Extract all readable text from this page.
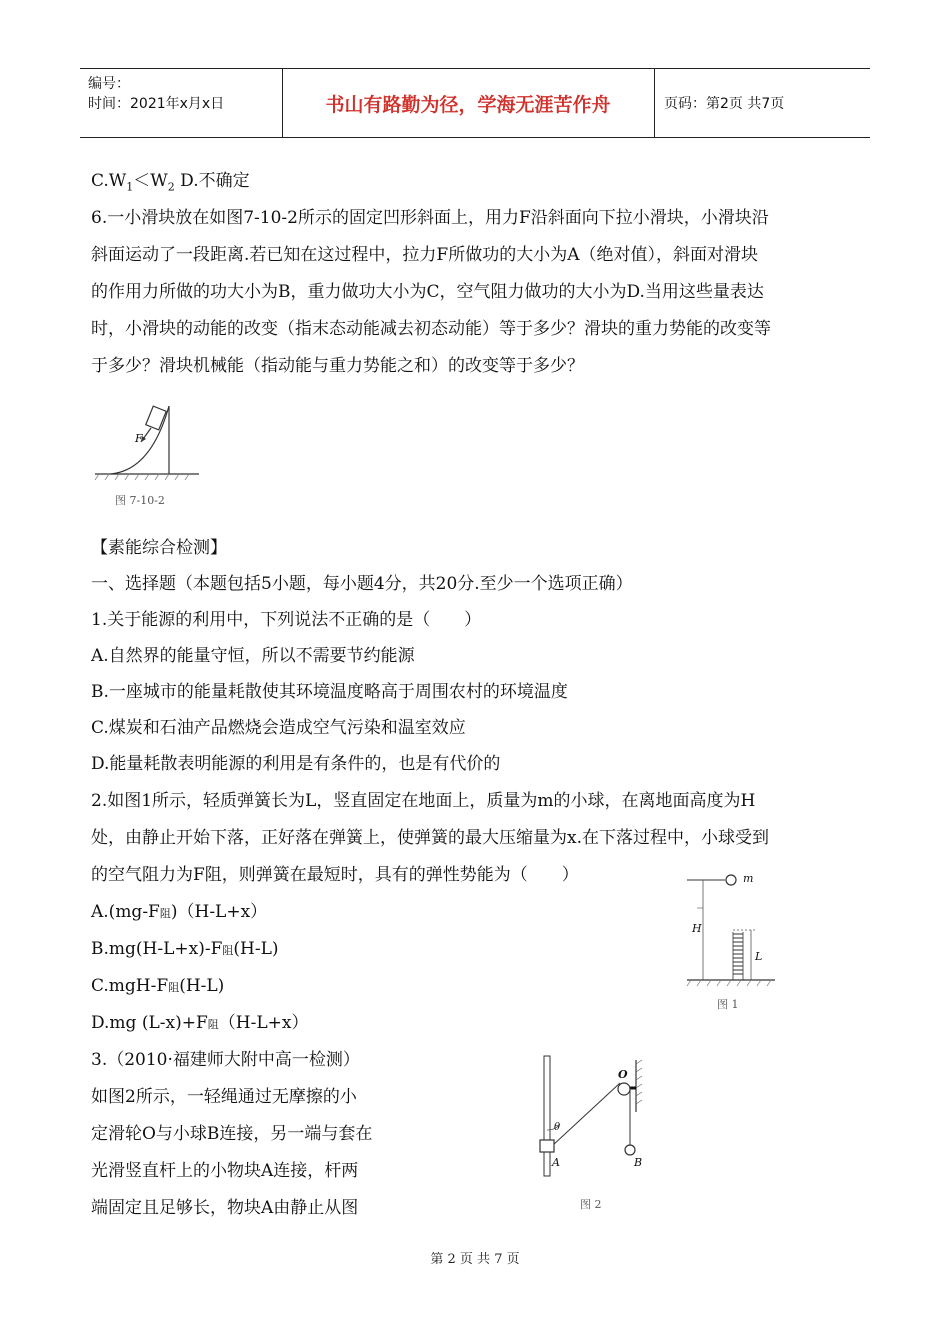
编号：
时间：2021年x月x日	书山有路勤为径，学海无涯苦作舟	页码：第2页 共7页
$C.W_1<W_2$ D.不确定
6.一小滑块放在如图7-10-2所示的固定凹形斜面上，用力F沿斜面向下拉小滑块，小滑块沿
斜面运动了一段距离.若已知在这过程中，拉力F所做功的大小为A（绝对值），斜面对滑块
的作用力所做的功大小为B，重力做功大小为C，空气阻力做功的大小为D.当用这些量表达
时，小滑块的动能的改变（指末态动能减去初态动能）等于多少？滑块的重力势能的改变等
于多少？滑块机械能（指动能与重力势能之和）的改变等于多少？
F
图 7-10-2
【素能综合检测】
一、选择题（本题包括5小题，每小题4分，共20分.至少一个选项正确）
1.关于能源的利用中，下列说法不正确的是（　　）
A.自然界的能量守恒，所以不需要节约能源
B.一座城市的能量耗散使其环境温度略高于周围农村的环境温度
C.煤炭和石油产品燃烧会造成空气污染和温室效应
D.能量耗散表明能源的利用是有条件的，也是有代价的
2.如图1所示，轻质弹簧长为L，竖直固定在地面上，质量为m的小球，在离地面高度为H
处，由静止开始下落，正好落在弹簧上，使弹簧的最大压缩量为x.在下落过程中，小球受到
的空气阻力为F阻，则弹簧在最短时，具有的弹性势能为（　　）
A.(mg-F阻)（H-L+x）
B.mg(H-L+x)-F阻(H-L)
C.mgH-F阻(H-L)
D.mg (L-x)+F阻（H-L+x）
m
H
L
图 1
3.（2010·福建师大附中高一检测）
如图2所示，一轻绳通过无摩擦的小
定滑轮O与小球B连接，另一端与套在
光滑竖直杆上的小物块A连接，杆两
端固定且足够长，物块A由静止从图
O
θ
A	B
图 2
第 2 页 共 7 页
